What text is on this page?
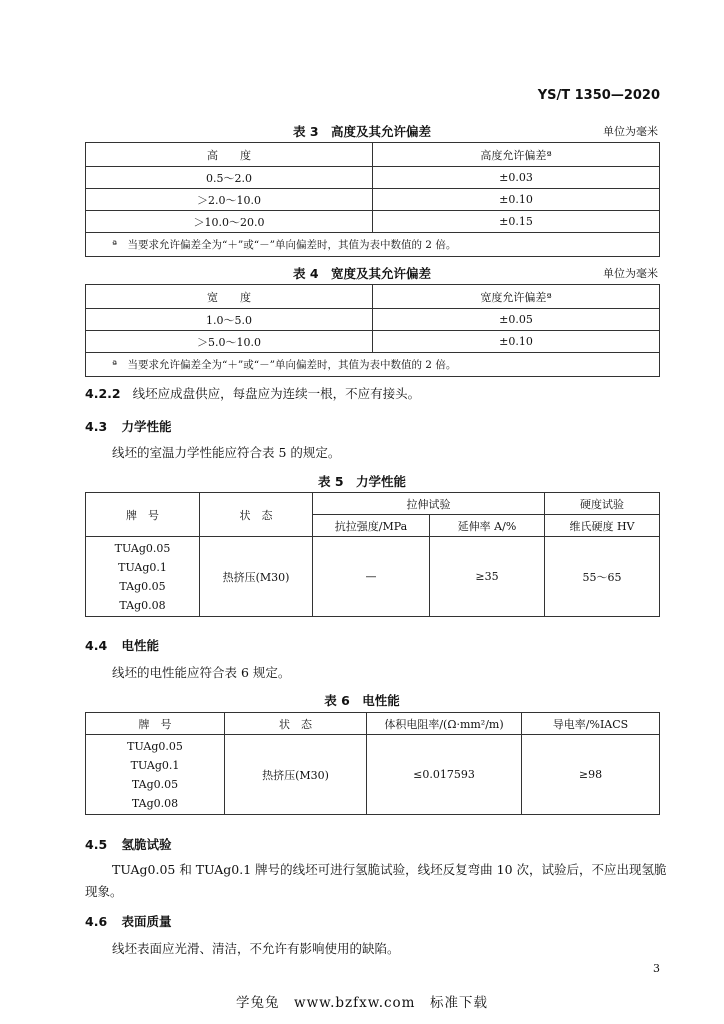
YS/T 1350—2020
表 3　高度及其允许偏差	单位为毫米
高　　度	高度允许偏差ª
0.5～2.0	±0.03
＞2.0～10.0	±0.10
＞10.0～20.0	±0.15
ª　当要求允许偏差全为“＋”或“－”单向偏差时，其值为表中数值的 2 倍。	
表 4　宽度及其允许偏差	单位为毫米
宽　　度	宽度允许偏差ª
1.0～5.0	±0.05
＞5.0～10.0	±0.10
ª　当要求允许偏差全为“＋”或“－”单向偏差时，其值为表中数值的 2 倍。	
4.2.2 线坯应成盘供应，每盘应为连续一根，不应有接头。
4.3 力学性能
线坯的室温力学性能应符合表 5 的规定。
表 5　力学性能
牌　号	状　态	拉伸试验		硬度试验
		抗拉强度/MPa	延伸率 A/%	维氏硬度 HV

TUAg0.05
TUAg0.1
TAg0.05
TAg0.08	热挤压(M30)	—	≥35	55～65
4.4 电性能
线坯的电性能应符合表 6 规定。
表 6　电性能
牌　号	状　态	体积电阻率/(Ω·mm²/m)	导电率/%IACS

TUAg0.05
TUAg0.1
TAg0.05
TAg0.08	热挤压(M30)	≤0.017593	≥98
4.5 氢脆试验
TUAg0.05 和 TUAg0.1 牌号的线坯可进行氢脆试验，线坯反复弯曲 10 次，试验后，不应出现氢脆
现象。
4.6 表面质量
线坯表面应光滑、清洁，不允许有影响使用的缺陷。
3
学兔兔　www.bzfxw.com　标准下载
